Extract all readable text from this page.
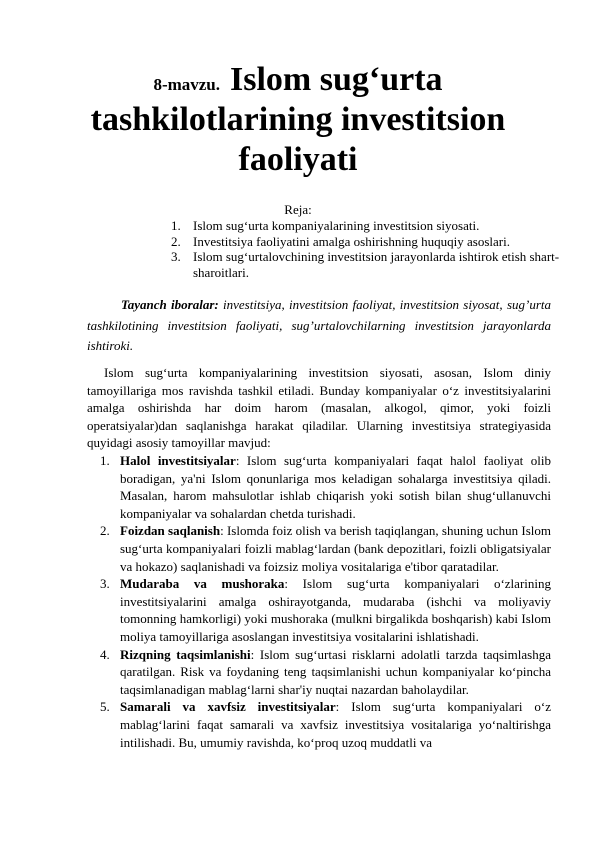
8-mavzu. Islom sug‘urta tashkilotlarining investitsion faoliyati
Reja:
1. Islom sug‘urta kompaniyalarining investitsion siyosati.
2. Investitsiya faoliyatini amalga oshirishning huquqiy asoslari.
3. Islom sug‘urtalovchining investitsion jarayonlarda ishtirok etish shart-sharoitlari.
Tayanch iboralar: investitsiya, investitsion faoliyat, investitsion siyosat, sug’urta tashkilotining investitsion faoliyati, sug’urtalovchilarning investitsion jarayonlarda ishtiroki.
Islom sug‘urta kompaniyalarining investitsion siyosati, asosan, Islom diniy tamoyillariga mos ravishda tashkil etiladi. Bunday kompaniyalar o‘z investitsiyalarini amalga oshirishda har doim harom (masalan, alkogol, qimor, yoki foizli operatsiyalar)dan saqlanishga harakat qiladilar. Ularning investitsiya strategiyasida quyidagi asosiy tamoyillar mavjud:
1. Halol investitsiyalar: Islom sug‘urta kompaniyalari faqat halol faoliyat olib boradigan, ya'ni Islom qonunlariga mos keladigan sohalarga investitsiya qiladi. Masalan, harom mahsulotlar ishlab chiqarish yoki sotish bilan shug‘ullanuvchi kompaniyalar va sohalardan chetda turishadi.
2. Foizdan saqlanish: Islomda foiz olish va berish taqiqlangan, shuning uchun Islom sug‘urta kompaniyalari foizli mablag‘lardan (bank depozitlari, foizli obligatsiyalar va hokazo) saqlanishadi va foizsiz moliya vositalariga e'tibor qaratadilar.
3. Mudaraba va mushoraka: Islom sug‘urta kompaniyalari o‘zlarining investitsiyalarini amalga oshirayotganda, mudaraba (ishchi va moliyaviy tomonning hamkorligi) yoki mushoraka (mulkni birgalikda boshqarish) kabi Islom moliya tamoyillariga asoslangan investitsiya vositalarini ishlatishadi.
4. Rizqning taqsimlanishi: Islom sug‘urtasi risklarni adolatli tarzda taqsimlashga qaratilgan. Risk va foydaning teng taqsimlanishi uchun kompaniyalar ko‘pincha taqsimlanadigan mablag‘larni shar'iy nuqtai nazardan baholaydilar.
5. Samarali va xavfsiz investitsiyalar: Islom sug‘urta kompaniyalari o‘z mablag‘larini faqat samarali va xavfsiz investitsiya vositalariga yo‘naltirishga intilishadi. Bu, umumiy ravishda, ko‘proq uzoq muddatli va
